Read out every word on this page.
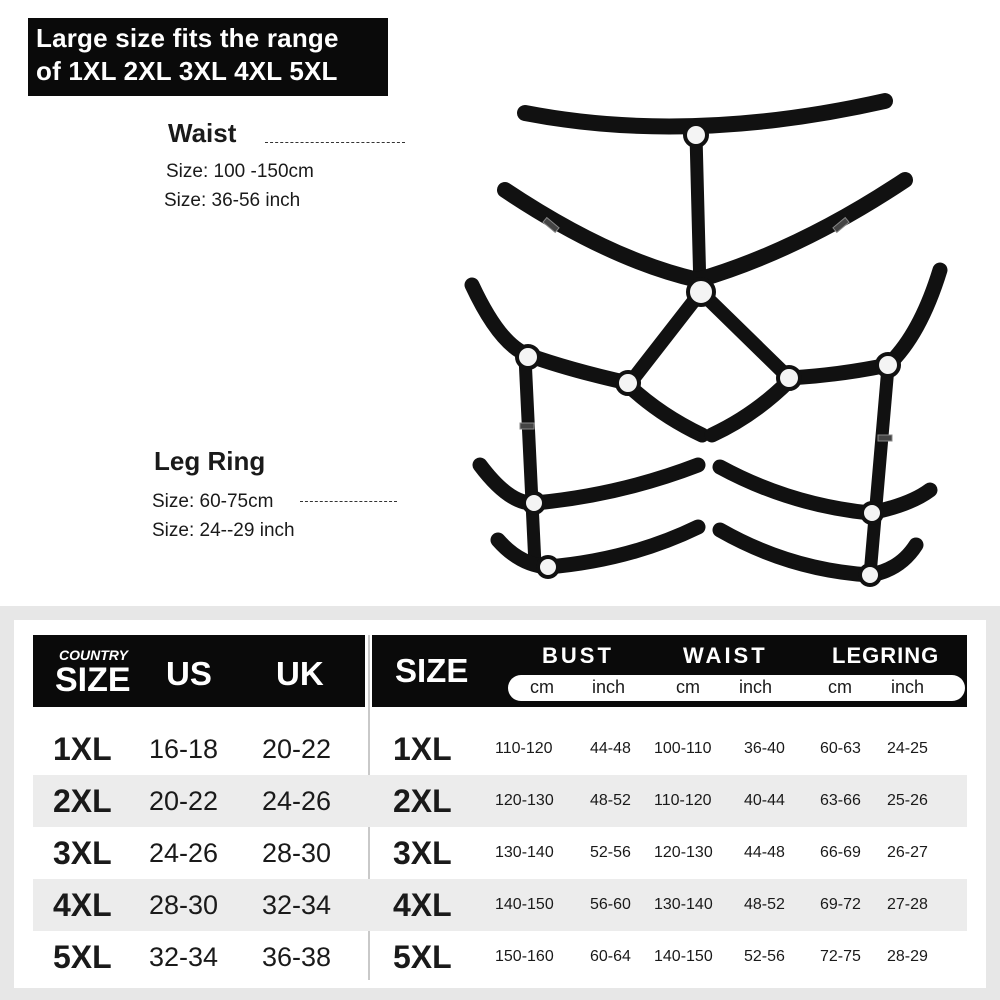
Large size fits the range
of 1XL 2XL 3XL 4XL 5XL
Waist
Size: 100 -150cm
Size: 36-56 inch
Leg Ring
Size: 60-75cm
Size: 24--29 inch
COUNTRY
SIZE US UK SIZE	BUST	WAIST	LEGRING
cm inch	cm inch	cm inch
1XL 16-18 20-22 1XL	110-120 44-48 100-110 36-40 60-63 24-25
2XL 20-22 24-26 2XL	120-130 48-52 110-120 40-44 63-66 25-26
3XL 24-26 28-30 3XL	130-140 52-56 120-130 44-48 66-69 26-27
4XL 28-30 32-34 4XL	140-150 56-60 130-140 48-52 69-72 27-28
5XL 32-34 36-38 5XL	150-160 60-64 140-150 52-56 72-75 28-29
